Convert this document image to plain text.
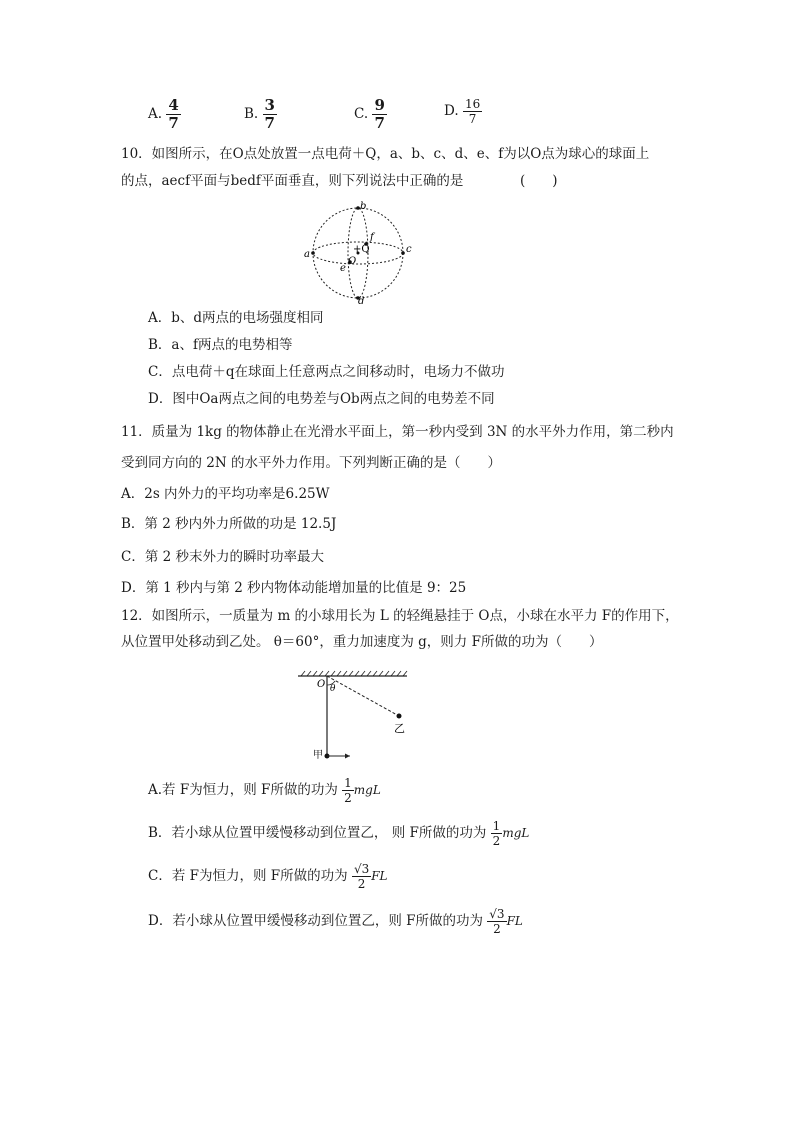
A. $\frac{4}{7}$	B. $\frac{3}{7}$	C. $\frac{9}{7}$	D. $\frac{16}{7}$
10．如图所示，在O点处放置一点电荷＋Q，a、b、c、d、e、f为以O点为球心的球面上
的点，aecf平面与bedf平面垂直，则下列说法中正确的是	(　　)
a	c
b
d
e
f
O
+Q
A．b、d两点的电场强度相同
B．a、f两点的电势相等
C．点电荷＋q在球面上任意两点之间移动时，电场力不做功
D．图中Oa两点之间的电势差与Ob两点之间的电势差不同
11．质量为 1kg 的物体静止在光滑水平面上，第一秒内受到 3N 的水平外力作用，第二秒内
受到同方向的 2N 的水平外力作用。下列判断正确的是（　　）
A．2s 内外力的平均功率是6.25W
B．第 2 秒内外力所做的功是 12.5J
C．第 2 秒末外力的瞬时功率最大
D．第 1 秒内与第 2 秒内物体动能增加量的比值是 9：25
12．如图所示，一质量为 m 的小球用长为 L 的轻绳悬挂于 O点，小球在水平力 F的作用下，
从位置甲处移动到乙处。 θ＝60°，重力加速度为 g，则力 F所做的功为（　　）
O θ
乙
甲
A.若 F为恒力，则 F所做的功为 $\frac{1}{2}$ mgL
B．若小球从位置甲缓慢移动到位置乙， 则 F所做的功为 $\frac{1}{2}$ mgL
C．若 F为恒力，则 F所做的功为 $\frac{√3}{2}$ FL
D．若小球从位置甲缓慢移动到位置乙，则 F所做的功为 $\frac{√3}{2}$ FL
